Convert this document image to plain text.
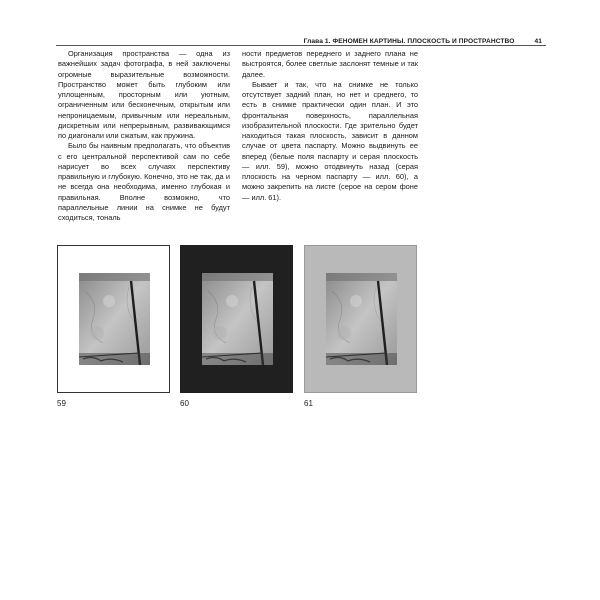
Глава 1. ФЕНОМЕН КАРТИНЫ. ПЛОСКОСТЬ И ПРОСТРАНСТВО	41

Организация пространства — одна из важнейших задач фотографа, в ней заключены огромные выразительные возможности. Пространство может быть глубоким или уплощенным, просторным или уютным, ограниченным или бесконечным, открытым или непроницаемым, привычным или нереальным, дискретным или непрерывным, развивающимся по диагонали или сжатым, как пружина.

Было бы наивным предполагать, что объектив с его центральной перспективой сам по себе нарисует во всех случаях перспективу правильную и глубокую. Конечно, это не так, да и не всегда она необходима, именно глубокая и правильная. Вполне возможно, что параллельные линии на снимке не будут сходиться, тональ

ности предметов переднего и заднего плана не выстроятся, более светлые заслонят темные и так далее.

Бывает и так, что на снимке не только отсутствует задний план, но нет и среднего, то есть в снимке практически один план. И это фронтальная поверхность, параллельная изобразительной плоскости. Где зрительно будет находиться такая плоскость, зависит в данном случае от цвета паспарту. Можно выдвинуть ее вперед (белые поля паспарту и серая плоскость — илл. 59), можно отодвинуть назад (серая плоскость на черном паспарту — илл. 60), а можно закрепить на листе (серое на сером фоне — илл. 61).

59	60	61
